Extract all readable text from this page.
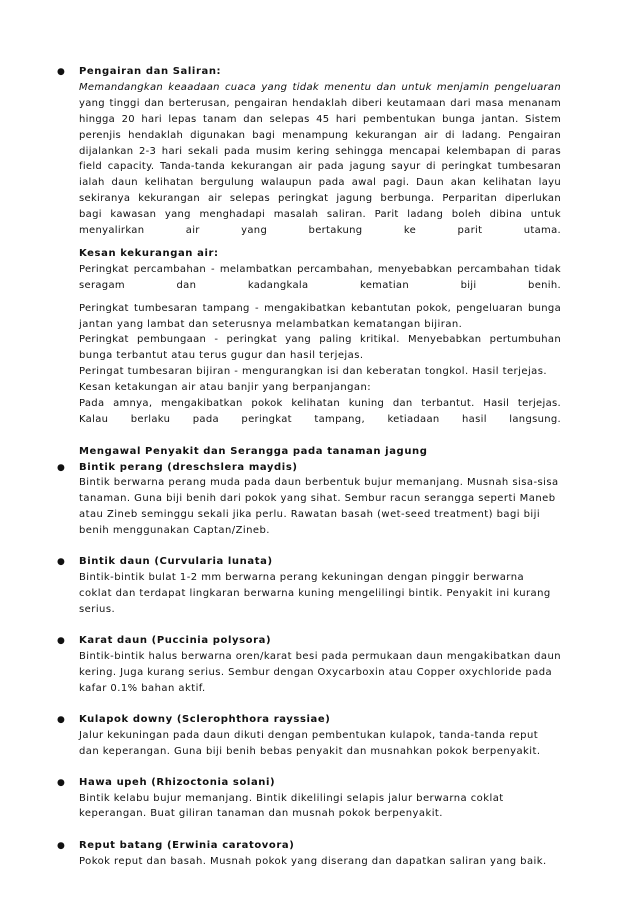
● Pengairan dan Saliran:
Memandangkan keaadaan cuaca yang tidak menentu dan untuk menjamin pengeluaran
yang tinggi dan berterusan, pengairan hendaklah diberi keutamaan dari masa menanam
hingga 20 hari lepas tanam dan selepas 45 hari pembentukan bunga jantan. Sistem
perenjis hendaklah digunakan bagi menampung kekurangan air di ladang. Pengairan
dijalankan 2-3 hari sekali pada musim kering sehingga mencapai kelembapan di paras
field capacity. Tanda-tanda kekurangan air pada jagung sayur di peringkat tumbesaran
ialah daun kelihatan bergulung walaupun pada awal pagi. Daun akan kelihatan layu
sekiranya kekurangan air selepas peringkat jagung berbunga. Perparitan diperlukan
bagi kawasan yang menghadapi masalah saliran. Parit ladang boleh dibina untuk
menyalirkan air yang bertakung ke parit utama.
Kesan kekurangan air:
Peringkat percambahan - melambatkan percambahan, menyebabkan percambahan tidak
seragam dan kadangkala kematian biji benih.
Peringkat tumbesaran tampang - mengakibatkan kebantutan pokok, pengeluaran bunga
jantan yang lambat dan seterusnya melambatkan kematangan bijiran.
Peringkat pembungaan - peringkat yang paling kritikal. Menyebabkan pertumbuhan
bunga terbantut atau terus gugur dan hasil terjejas.
Peringat tumbesaran bijiran - mengurangkan isi dan keberatan tongkol. Hasil terjejas.
Kesan ketakungan air atau banjir yang berpanjangan:
Pada amnya, mengakibatkan pokok kelihatan kuning dan terbantut. Hasil terjejas.
Kalau berlaku pada peringkat tampang, ketiadaan hasil langsung.
Mengawal Penyakit dan Serangga pada tanaman jagung
● Bintik perang (dreschslera maydis)
Bintik berwarna perang muda pada daun berbentuk bujur memanjang. Musnah sisa-sisa
tanaman. Guna biji benih dari pokok yang sihat. Sembur racun serangga seperti Maneb
atau Zineb seminggu sekali jika perlu. Rawatan basah (wet-seed treatment) bagi biji
benih menggunakan Captan/Zineb.
● Bintik daun (Curvularia lunata)
Bintik-bintik bulat 1-2 mm berwarna perang kekuningan dengan pinggir berwarna
coklat dan terdapat lingkaran berwarna kuning mengelilingi bintik. Penyakit ini kurang
serius.
● Karat daun (Puccinia polysora)
Bintik-bintik halus berwarna oren/karat besi pada permukaan daun mengakibatkan daun
kering. Juga kurang serius. Sembur dengan Oxycarboxin atau Copper oxychloride pada
kafar 0.1% bahan aktif.
● Kulapok downy (Sclerophthora rayssiae)
Jalur kekuningan pada daun dikuti dengan pembentukan kulapok, tanda-tanda reput
dan keperangan. Guna biji benih bebas penyakit dan musnahkan pokok berpenyakit.
● Hawa upeh (Rhizoctonia solani)
Bintik kelabu bujur memanjang. Bintik dikelilingi selapis jalur berwarna coklat
keperangan. Buat giliran tanaman dan musnah pokok berpenyakit.
● Reput batang (Erwinia caratovora)
Pokok reput dan basah. Musnah pokok yang diserang dan dapatkan saliran yang baik.
